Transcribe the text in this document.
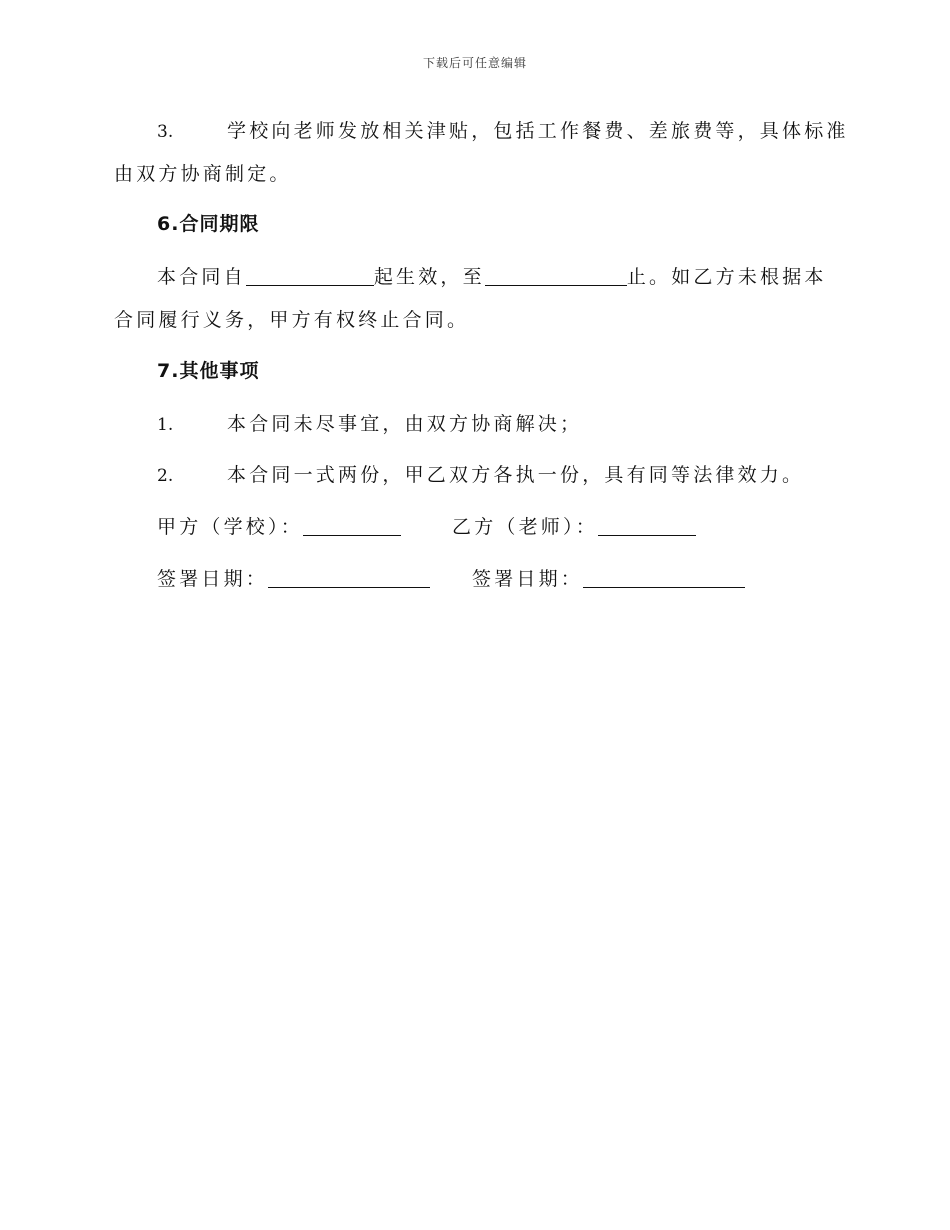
下载后可任意编辑
3.	学校向老师发放相关津贴，包括工作餐费、差旅费等，具体标准
由双方协商制定。
6.合同期限
本合同自	起生效，至	止。如乙方未根据本
合同履行义务，甲方有权终止合同。
7.其他事项
1.	本合同未尽事宜，由双方协商解决；
2.	本合同一式两份，甲乙双方各执一份，具有同等法律效力。
甲方（学校）：	乙方（老师）：
签署日期：	签署日期：
